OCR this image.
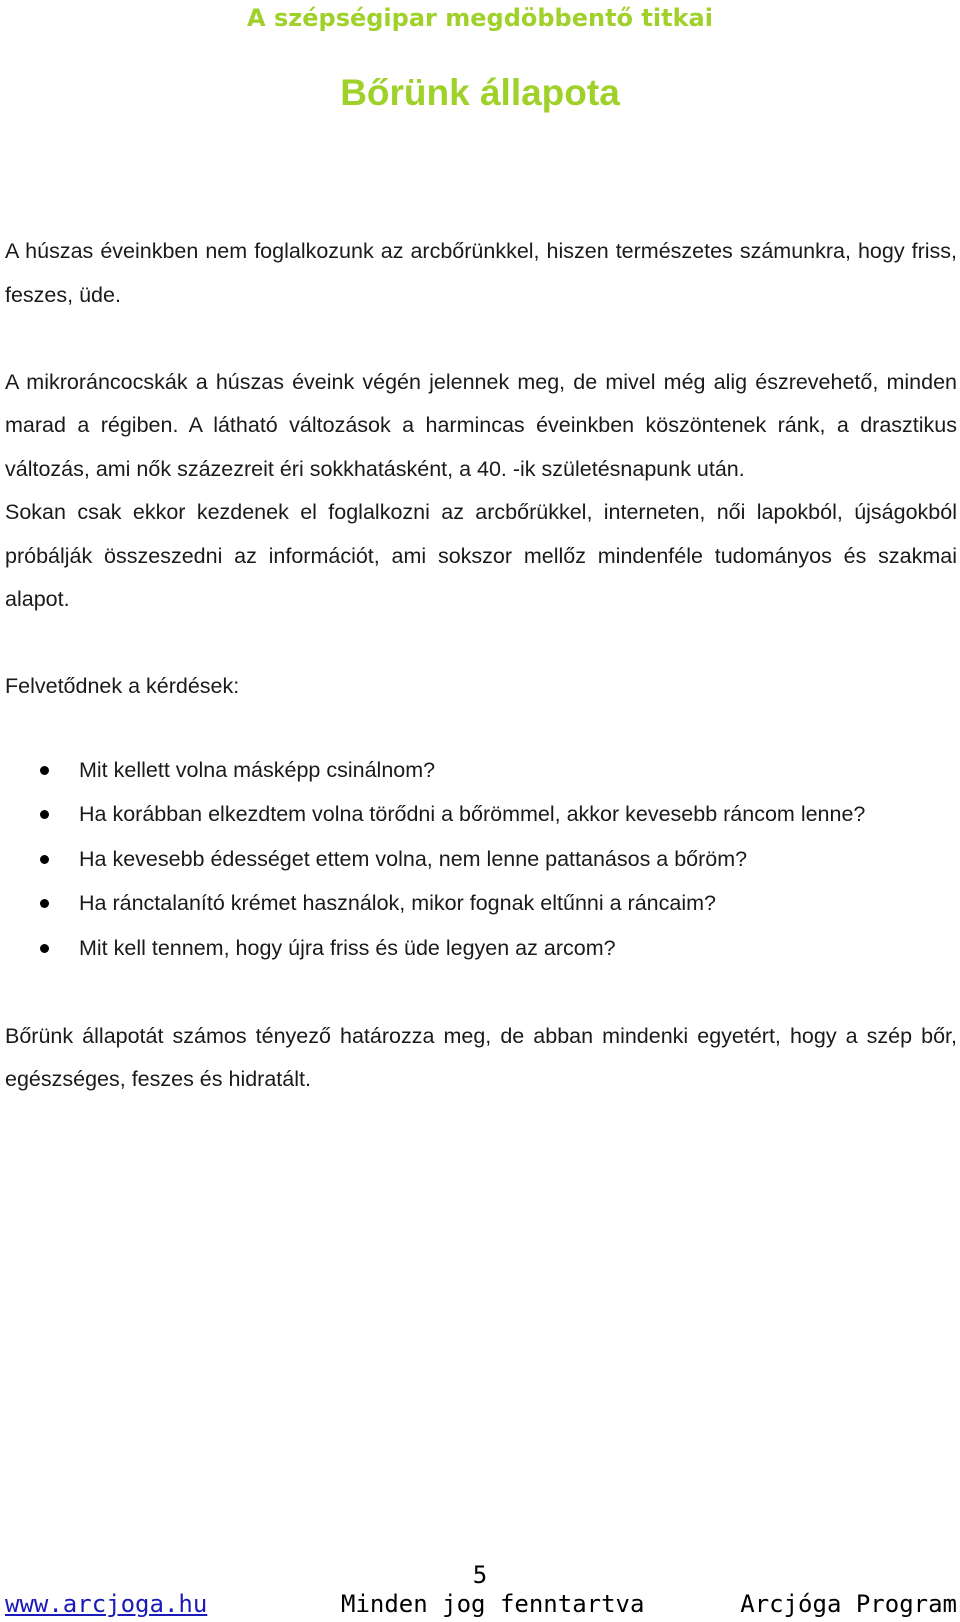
A szépségipar megdöbbentő titkai
Bőrünk állapota

A húszas éveinkben nem foglalkozunk az arcbőrünkkel, hiszen természetes számunkra, hogy friss, feszes, üde.

A mikroráncocskák a húszas éveink végén jelennek meg, de mivel még alig észrevehető, minden marad a régiben. A látható változások a harmincas éveinkben köszöntenek ránk, a drasztikus változás, ami nők százezreit éri sokkhatásként, a 40. -ik születésnapunk után.

Sokan csak ekkor kezdenek el foglalkozni az arcbőrükkel, interneten, női lapokból, újságokból próbálják összeszedni az információt, ami sokszor mellőz mindenféle tudományos és szakmai alapot.

Felvetődnek a kérdések:

Mit kellett volna másképp csinálnom?
Ha korábban elkezdtem volna törődni a bőrömmel, akkor kevesebb ráncom lenne?
Ha kevesebb édességet ettem volna, nem lenne pattanásos a bőröm?
Ha ránctalanító krémet használok, mikor fognak eltűnni a ráncaim?
Mit kell tennem, hogy újra friss és üde legyen az arcom?

Bőrünk állapotát számos tényező határozza meg, de abban mindenki egyetért, hogy a szép bőr, egészséges, feszes és hidratált.

5
www.arcjoga.hu	Minden jog fenntartva	Arcjóga Program
